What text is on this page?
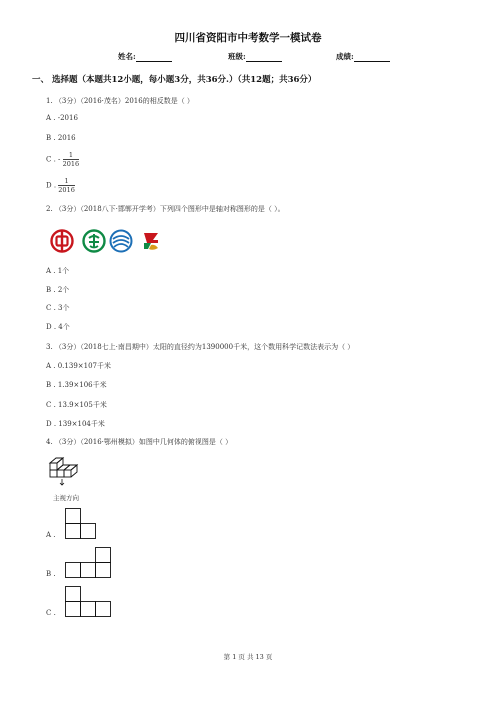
四川省资阳市中考数学一模试卷
姓名:	班级:	成绩:
一、 选择题（本题共12小题，每小题3分，共36分.）（共12题；共36分）
1. （3分）（2016·茂名）2016的相反数是（ ）
A . -2016
B . 2016
C . - $\frac{1}{2016}$
D . $\frac{1}{2016}$
2. （3分）（2018八下·邯郸开学考）下列四个图形中是轴对称图形的是（ ）。
A . 1个
B . 2个
C . 3个
D . 4个
3. （3分）（2018七上·南昌期中）太阳的直径约为1390000千米，这个数用科学记数法表示为（ ）
A . 0.139×107千米
B . 1.39×106千米
C . 13.9×105千米
D . 139×104千米
4. （3分）（2016·鄂州模拟）如图中几何体的俯视图是（ ）
主视方向
A .
B .
C .
第 1 页 共 13 页
